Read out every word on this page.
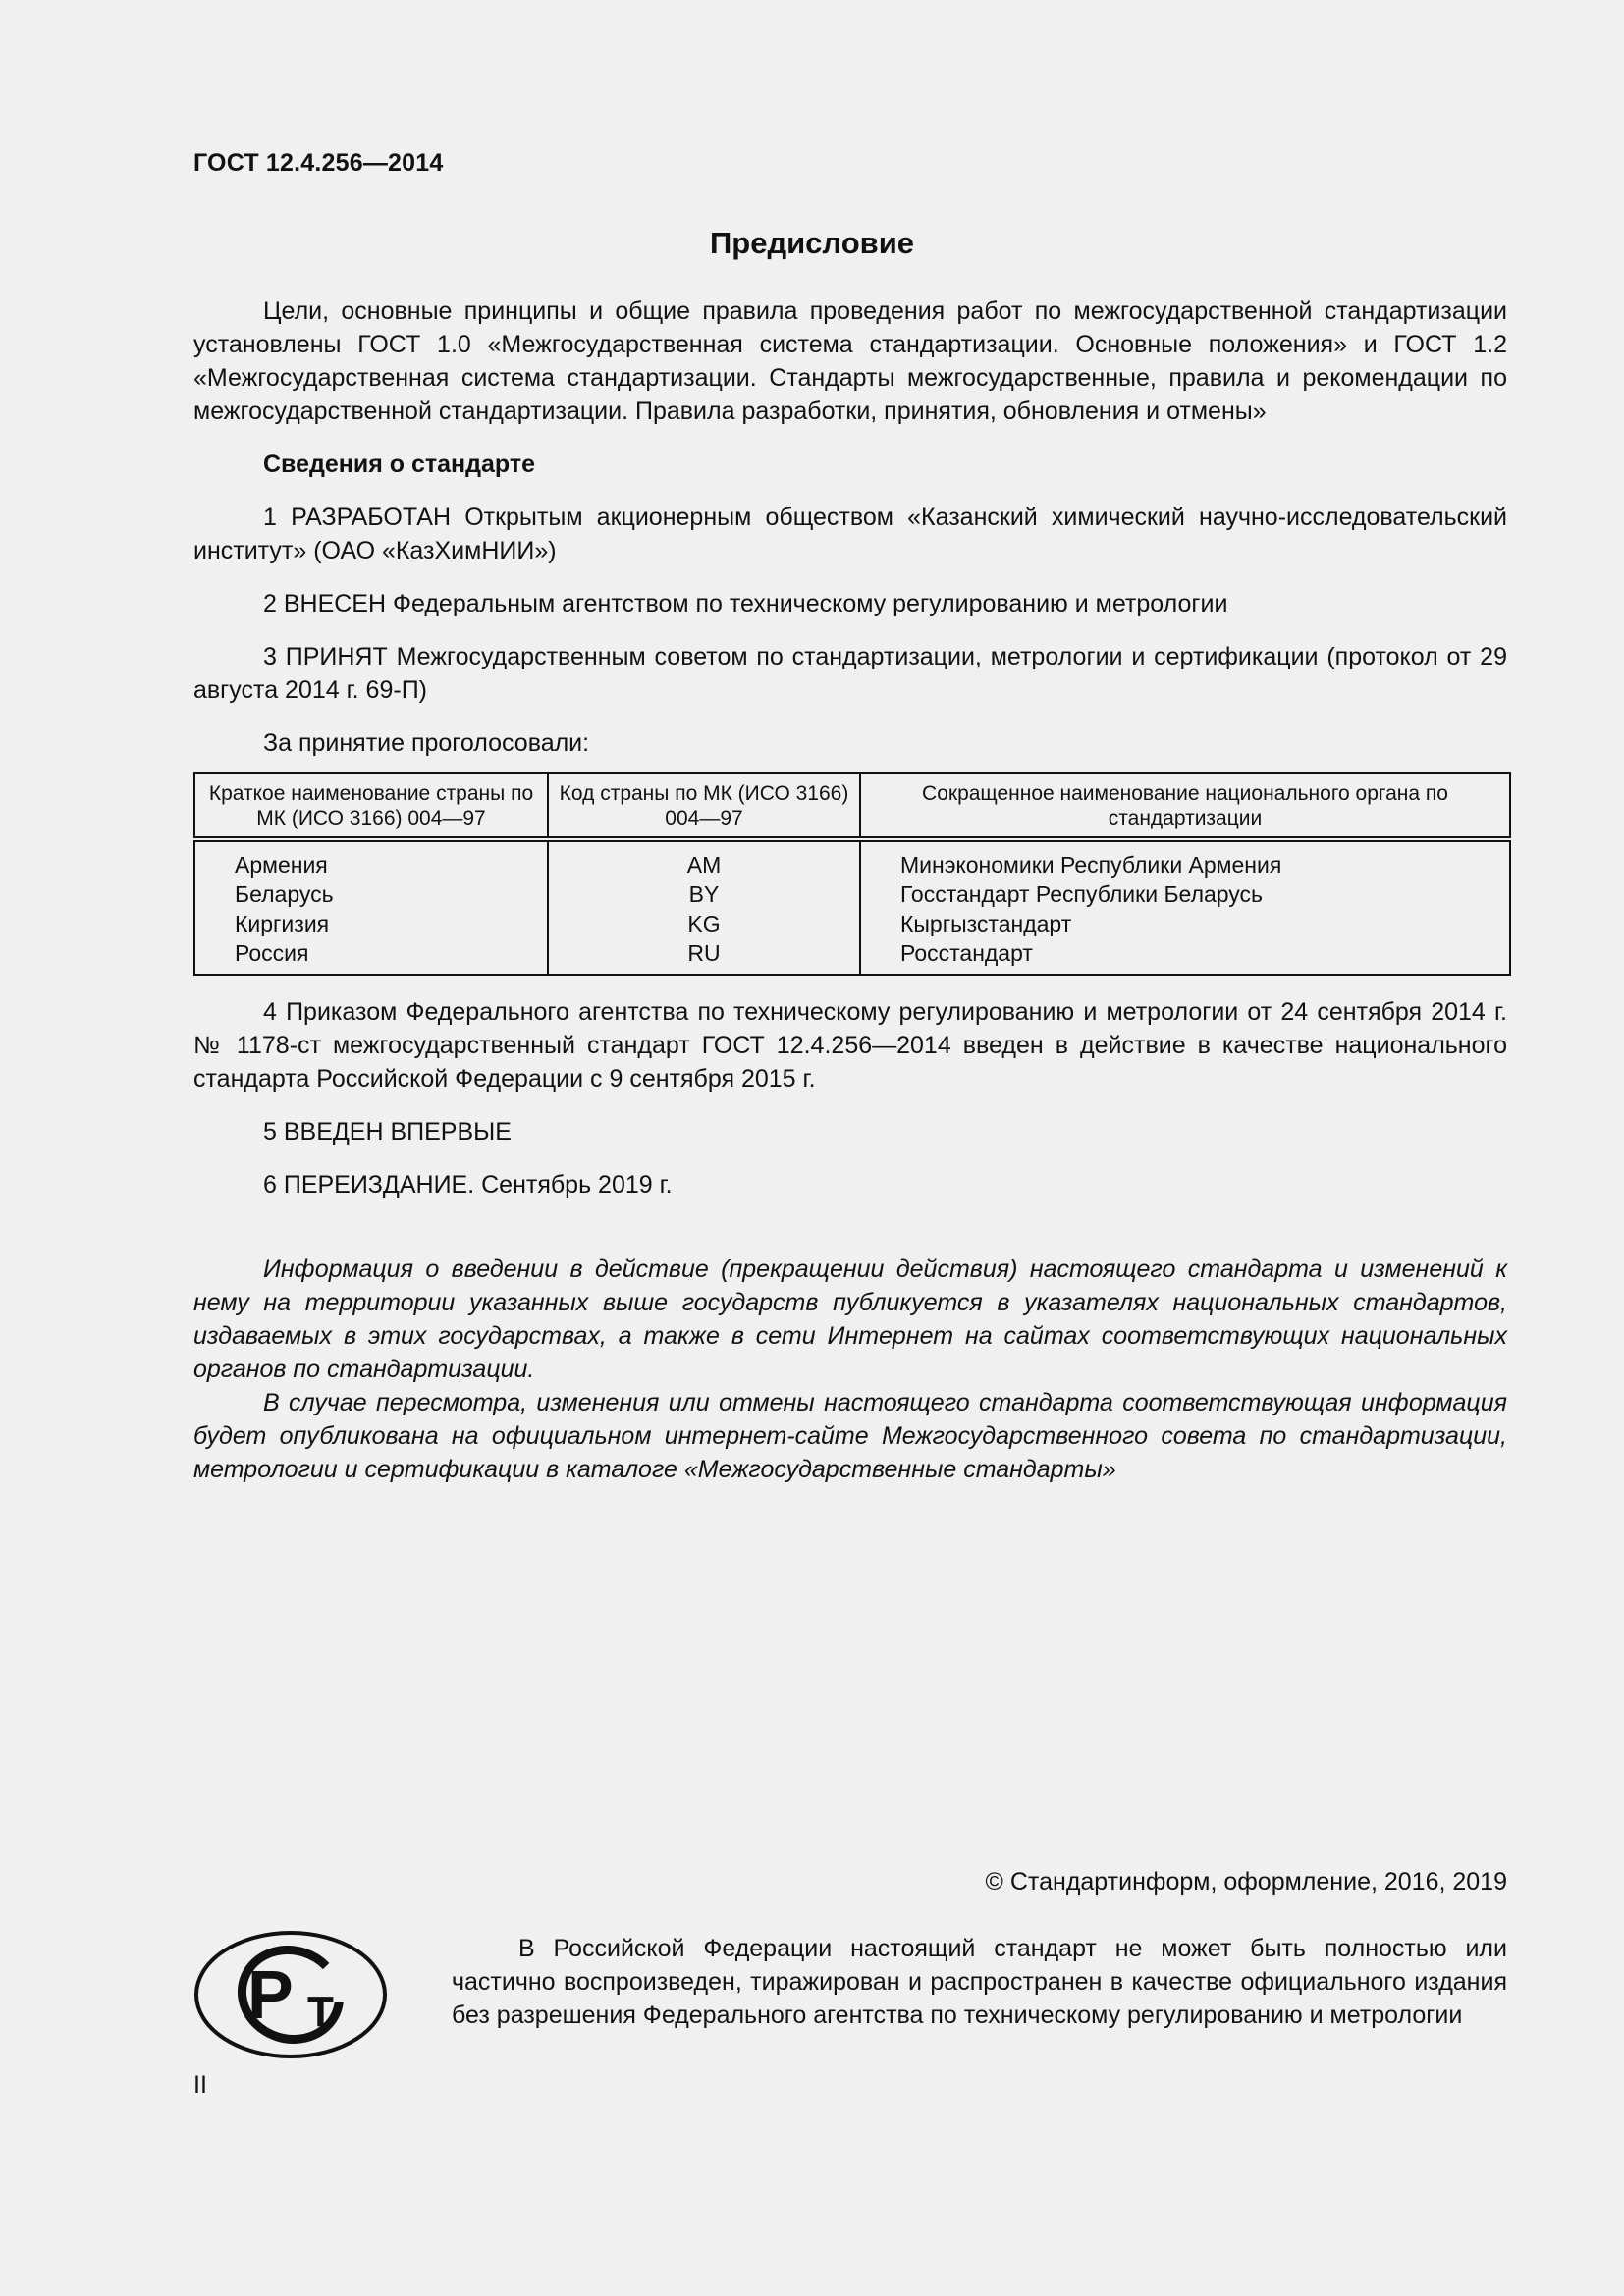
ГОСТ 12.4.256—2014
Предисловие

Цели, основные принципы и общие правила проведения работ по межгосударственной стандартизации установлены ГОСТ 1.0 «Межгосударственная система стандартизации. Основные положения» и ГОСТ 1.2 «Межгосударственная система стандартизации. Стандарты межгосударственные, правила и рекомендации по межгосударственной стандартизации. Правила разработки, принятия, обновления и отмены»

Сведения о стандарте

1 РАЗРАБОТАН Открытым акционерным обществом «Казанский химический научно-исследовательский институт» (ОАО «КазХимНИИ»)

2 ВНЕСЕН Федеральным агентством по техническому регулированию и метрологии

3 ПРИНЯТ Межгосударственным советом по стандартизации, метрологии и сертификации (протокол от 29 августа 2014 г. 69-П)

За принятие проголосовали:

Краткое наименование страны по МК (ИСО 3166) 004—97	Код страны по МК (ИСО 3166) 004—97	Сокращенное наименование национального органа по стандартизации
Армения	AM	Минэкономики Республики Армения
Беларусь	BY	Госстандарт Республики Беларусь
Киргизия	KG	Кыргызстандарт
Россия	RU	Росстандарт

4 Приказом Федерального агентства по техническому регулированию и метрологии от 24 сентября 2014 г. № 1178-ст межгосударственный стандарт ГОСТ 12.4.256—2014 введен в действие в качестве национального стандарта Российской Федерации с 9 сентября 2015 г.

5 ВВЕДЕН ВПЕРВЫЕ

6 ПЕРЕИЗДАНИЕ. Сентябрь 2019 г.

Информация о введении в действие (прекращении действия) настоящего стандарта и изменений к нему на территории указанных выше государств публикуется в указателях национальных стандартов, издаваемых в этих государствах, а также в сети Интернет на сайтах соответствующих национальных органов по стандартизации.

В случае пересмотра, изменения или отмены настоящего стандарта соответствующая информация будет опубликована на официальном интернет-сайте Межгосударственного совета по стандартизации, метрологии и сертификации в каталоге «Межгосударственные стандарты»

© Стандартинформ, оформление, 2016, 2019
Р Т
В Российской Федерации настоящий стандарт не может быть полностью или частично воспроизведен, тиражирован и распространен в качестве официального издания без разрешения Федерального агентства по техническому регулированию и метрологии
II
